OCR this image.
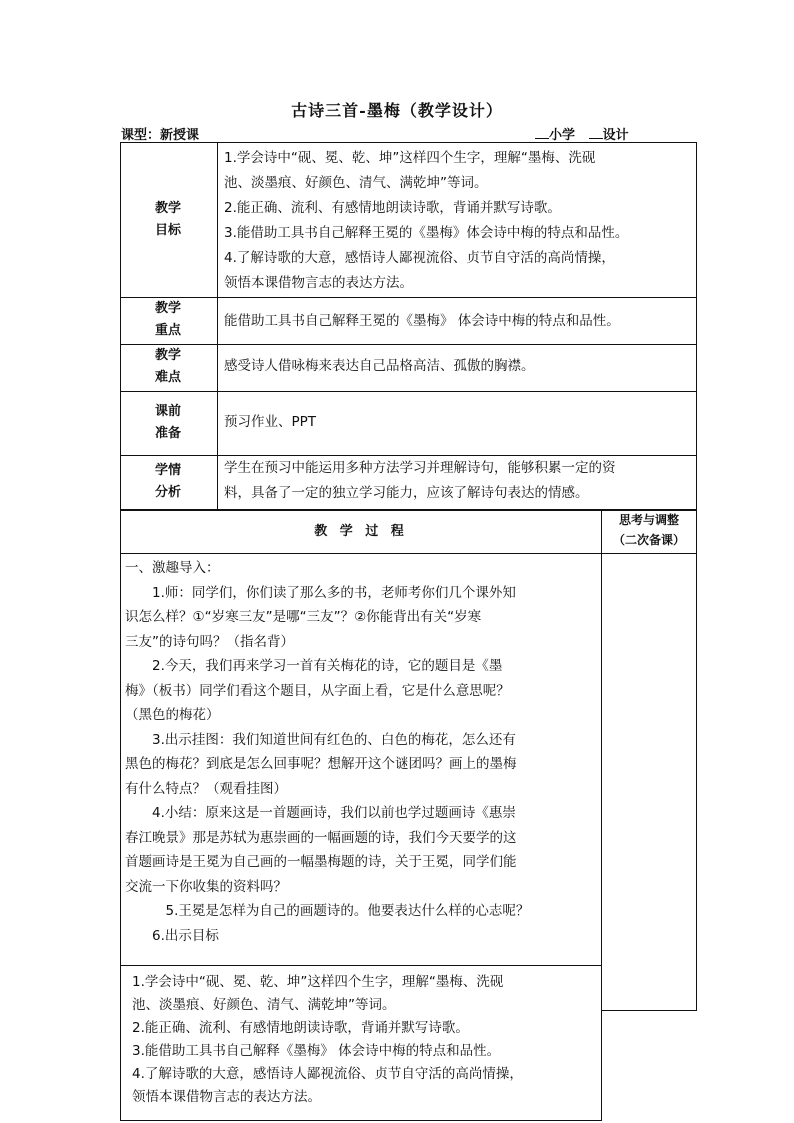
古诗三首-墨梅（教学设计）
课型：新授课	小学 设计
教学
目标
教学
重点
教学
难点
课前
准备
学情
分析

1.学会诗中“砚、冕、乾、坤”这样四个生字，理解“墨梅、洗砚

池、淡墨痕、好颜色、清气、满乾坤”等词。

2.能正确、流利、有感情地朗读诗歌，背诵并默写诗歌。

3.能借助工具书自己解释王冕的《墨梅》体会诗中梅的特点和品性。

4.了解诗歌的大意，感悟诗人鄙视流俗、贞节自守活的高尚情操，

领悟本课借物言志的表达方法。

能借助工具书自己解释王冕的《墨梅》 体会诗中梅的特点和品性。

感受诗人借咏梅来表达自己品格高洁、孤傲的胸襟。

预习作业、PPT

学生在预习中能运用多种方法学习并理解诗句，能够积累一定的资

料，具备了一定的独立学习能力，应该了解诗句表达的情感。

教 学 过 程
思考与调整
（二次备课）

一、激趣导入：

1.师：同学们，你们读了那么多的书，老师考你们几个课外知

识怎么样？①“岁寒三友”是哪“三友”？②你能背出有关“岁寒

三友”的诗句吗？（指名背）

2.今天，我们再来学习一首有关梅花的诗，它的题目是《墨

梅》（板书）同学们看这个题目，从字面上看，它是什么意思呢？

（黑色的梅花）

3.出示挂图：我们知道世间有红色的、白色的梅花，怎么还有

黑色的梅花？到底是怎么回事呢？想解开这个谜团吗？画上的墨梅

有什么特点？（观看挂图）

4.小结：原来这是一首题画诗，我们以前也学过题画诗《惠崇

春江晚景》那是苏轼为惠崇画的一幅画题的诗，我们今天要学的这

首题画诗是王冕为自己画的一幅墨梅题的诗，关于王冕，同学们能

交流一下你收集的资料吗？

5.王冕是怎样为自己的画题诗的。他要表达什么样的心志呢？

6.出示目标

1.学会诗中“砚、冕、乾、坤”这样四个生字，理解“墨梅、洗砚

池、淡墨痕、好颜色、清气、满乾坤”等词。

2.能正确、流利、有感情地朗读诗歌，背诵并默写诗歌。

3.能借助工具书自己解释《墨梅》 体会诗中梅的特点和品性。

4.了解诗歌的大意，感悟诗人鄙视流俗、贞节自守活的高尚情操，

领悟本课借物言志的表达方法。
